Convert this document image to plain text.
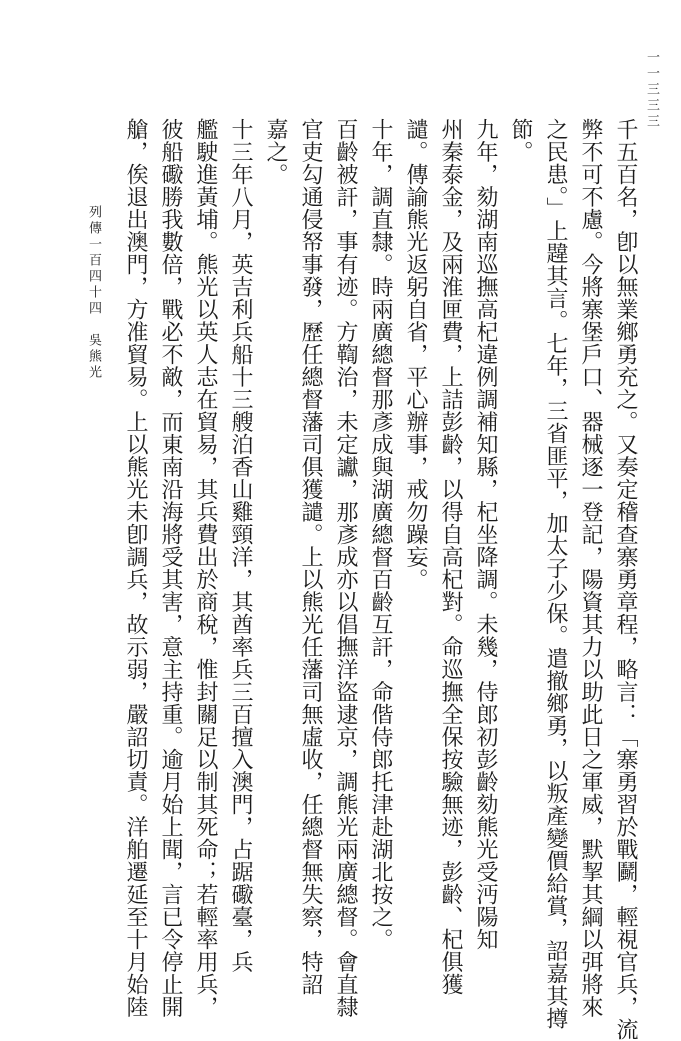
一一三三三
千五百名，卽以無業鄉勇充之。又奏定稽查寨勇章程，略言：「寨勇習於戰鬬，輕視官兵，流
弊不可不慮。今將寨堡戶口、器械逐一登記，陽資其力以助此日之軍威，默挈其綱以弭將來
之民患。」上韙其言。七年，三省匪平，加太子少保。遣撤鄉勇，以叛產變價給賞，詔嘉其撙
節。
九年，劾湖南巡撫高杞違例調補知縣，杞坐降調。未幾，侍郎初彭齡劾熊光受沔陽知
州秦泰金，及兩淮匣費，上詰彭齡，以得自高杞對。命巡撫全保按驗無迹，彭齡、杞俱獲
譴。傳諭熊光返躬自省，平心辦事，戒勿躁妄。
十年，調直隸。時兩廣總督那彥成與湖廣總督百齡互訐，命偕侍郎托津赴湖北按之。
百齡被訐，事有迹。方鞫治，未定讞，那彥成亦以倡撫洋盜逮京，調熊光兩廣總督。會直隸
官吏勾通侵帑事發，歷任總督藩司俱獲譴。上以熊光任藩司無虛收，任總督無失察，特詔
嘉之。
十三年八月，英吉利兵船十三艘泊香山雞頸洋，其酋率兵三百擅入澳門，占踞礮臺，兵
艦駛進黃埔。熊光以英人志在貿易，其兵費出於商稅，惟封關足以制其死命；若輕率用兵，
彼船礮勝我數倍，戰必不敵，而東南沿海將受其害，意主持重。逾月始上聞，言已令停止開
艙，俟退出澳門，方准貿易。上以熊光未卽調兵，故示弱，嚴詔切責。洋舶遷延至十月始陸
列傳一百四十四　吳熊光
